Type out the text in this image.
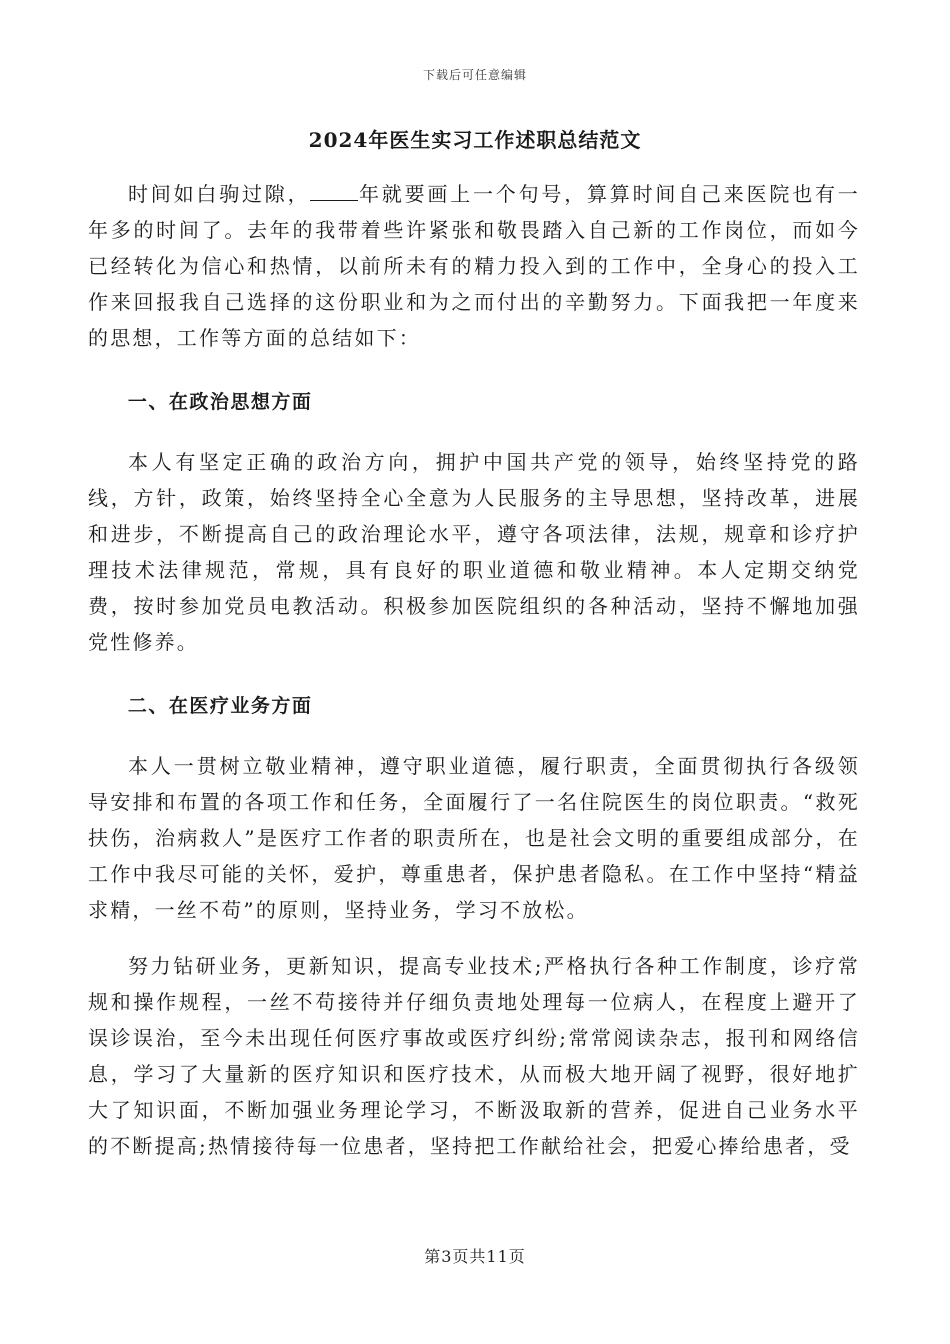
下载后可任意编辑
2024年医生实习工作述职总结范文

时间如白驹过隙， 年就要画上一个句号，算算时间自己来医院也有一年多的时间了。去年的我带着些许紧张和敬畏踏入自己新的工作岗位，而如今已经转化为信心和热情，以前所未有的精力投入到的工作中，全身心的投入工作来回报我自己选择的这份职业和为之而付出的辛勤努力。下面我把一年度来的思想，工作等方面的总结如下：

一、在政治思想方面

本人有坚定正确的政治方向，拥护中国共产党的领导，始终坚持党的路线，方针，政策，始终坚持全心全意为人民服务的主导思想，坚持改革，进展和进步，不断提高自己的政治理论水平，遵守各项法律，法规，规章和诊疗护理技术法律规范，常规，具有良好的职业道德和敬业精神。本人定期交纳党费，按时参加党员电教活动。积极参加医院组织的各种活动，坚持不懈地加强党性修养。

二、在医疗业务方面

本人一贯树立敬业精神，遵守职业道德，履行职责，全面贯彻执行各级领导安排和布置的各项工作和任务，全面履行了一名住院医生的岗位职责。“救死扶伤，治病救人”是医疗工作者的职责所在，也是社会文明的重要组成部分，在工作中我尽可能的关怀，爱护，尊重患者，保护患者隐私。在工作中坚持“精益求精，一丝不苟”的原则，坚持业务，学习不放松。

努力钻研业务，更新知识，提高专业技术;严格执行各种工作制度，诊疗常规和操作规程，一丝不苟接待并仔细负责地处理每一位病人，在程度上避开了误诊误治，至今未出现任何医疗事故或医疗纠纷;常常阅读杂志，报刊和网络信息，学习了大量新的医疗知识和医疗技术，从而极大地开阔了视野，很好地扩大了知识面，不断加强业务理论学习，不断汲取新的营养，促进自己业务水平的不断提高;热情接待每一位患者，坚持把工作献给社会，把爱心捧给患者，受

第3页共11页
